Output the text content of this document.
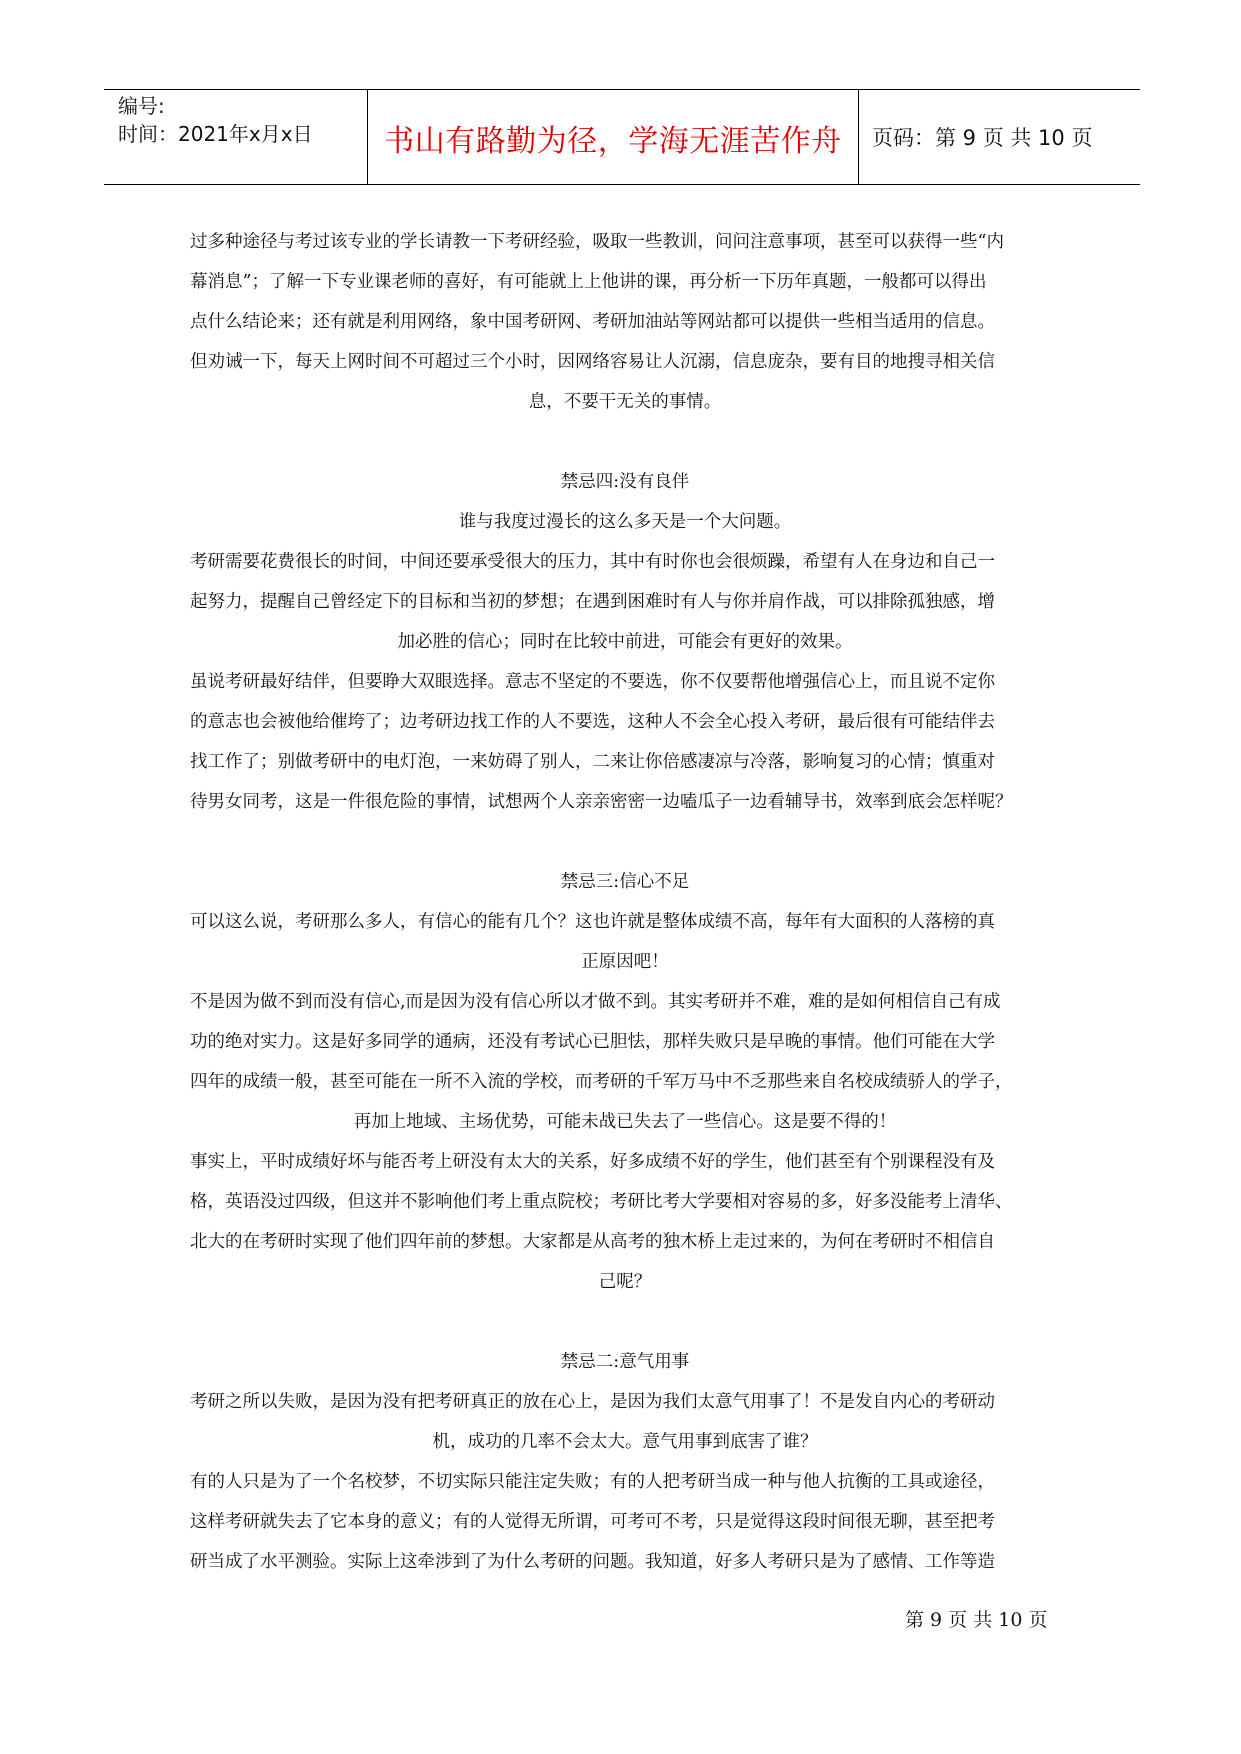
编号:
时间：2021年x月x日	书山有路勤为径，学海无涯苦作舟	页码：第 9 页 共 10 页
过多种途径与考过该专业的学长请教一下考研经验，吸取一些教训，问问注意事项，甚至可以获得一些“内
幕消息”；了解一下专业课老师的喜好，有可能就上上他讲的课，再分析一下历年真题，一般都可以得出
点什么结论来；还有就是利用网络，象中国考研网、考研加油站等网站都可以提供一些相当适用的信息。
但劝诫一下，每天上网时间不可超过三个小时，因网络容易让人沉溺，信息庞杂，要有目的地搜寻相关信
息，不要干无关的事情。
禁忌四:没有良伴
谁与我度过漫长的这么多天是一个大问题。
考研需要花费很长的时间，中间还要承受很大的压力，其中有时你也会很烦躁，希望有人在身边和自己一
起努力，提醒自己曾经定下的目标和当初的梦想；在遇到困难时有人与你并肩作战，可以排除孤独感，增
加必胜的信心；同时在比较中前进，可能会有更好的效果。
虽说考研最好结伴，但要睁大双眼选择。意志不坚定的不要选，你不仅要帮他增强信心上，而且说不定你
的意志也会被他给催垮了；边考研边找工作的人不要选，这种人不会全心投入考研，最后很有可能结伴去
找工作了；别做考研中的电灯泡，一来妨碍了别人，二来让你倍感凄凉与冷落，影响复习的心情；慎重对
待男女同考，这是一件很危险的事情，试想两个人亲亲密密一边嗑瓜子一边看辅导书，效率到底会怎样呢？
禁忌三:信心不足
可以这么说，考研那么多人，有信心的能有几个？这也许就是整体成绩不高，每年有大面积的人落榜的真
正原因吧！
不是因为做不到而没有信心,而是因为没有信心所以才做不到。其实考研并不难，难的是如何相信自己有成
功的绝对实力。这是好多同学的通病，还没有考试心已胆怯，那样失败只是早晚的事情。他们可能在大学
四年的成绩一般，甚至可能在一所不入流的学校，而考研的千军万马中不乏那些来自名校成绩骄人的学子，
再加上地域、主场优势，可能未战已失去了一些信心。这是要不得的！
事实上，平时成绩好坏与能否考上研没有太大的关系，好多成绩不好的学生，他们甚至有个别课程没有及
格，英语没过四级，但这并不影响他们考上重点院校；考研比考大学要相对容易的多，好多没能考上清华、
北大的在考研时实现了他们四年前的梦想。大家都是从高考的独木桥上走过来的，为何在考研时不相信自
己呢？
禁忌二:意气用事
考研之所以失败，是因为没有把考研真正的放在心上，是因为我们太意气用事了！不是发自内心的考研动
机，成功的几率不会太大。意气用事到底害了谁？
有的人只是为了一个名校梦，不切实际只能注定失败；有的人把考研当成一种与他人抗衡的工具或途径，
这样考研就失去了它本身的意义；有的人觉得无所谓，可考可不考，只是觉得这段时间很无聊，甚至把考
研当成了水平测验。实际上这牵涉到了为什么考研的问题。我知道，好多人考研只是为了感情、工作等造
第 9 页 共 10 页
